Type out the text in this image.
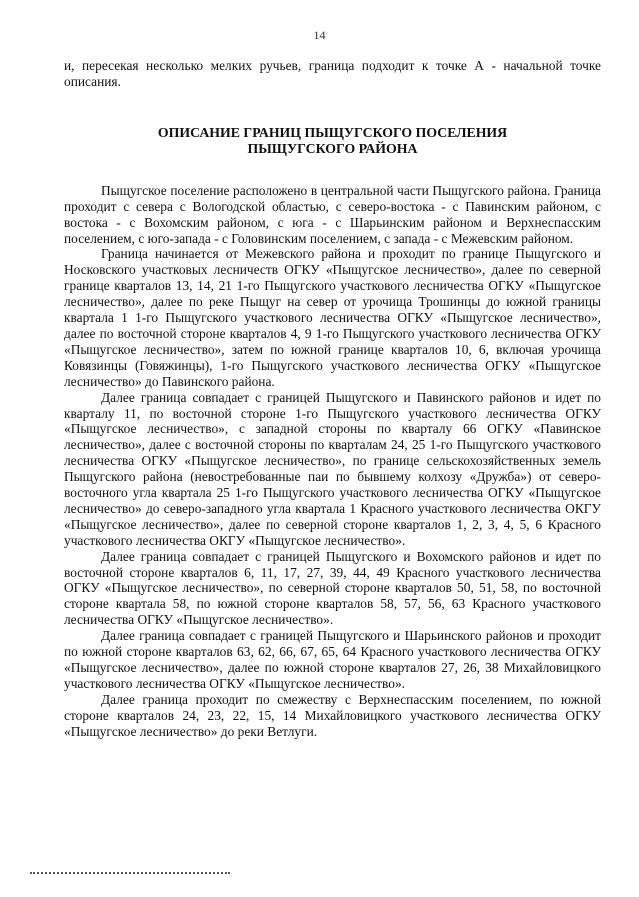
14

и, пересекая несколько мелких ручьев, граница подходит к точке А - начальной точке описания.

ОПИСАНИЕ ГРАНИЦ ПЫЩУГСКОГО ПОСЕЛЕНИЯ
ПЫЩУГСКОГО РАЙОНА

Пыщугское поселение расположено в центральной части Пыщугского района. Граница проходит с севера с Вологодской областью, с северо-востока - с Павинским районом, с востока - с Вохомским районом, с юга - с Шарьинским районом и Верхнеспасским поселением, с юго-запада - с Головинским поселением, с запада - с Межевским районом.

Граница начинается от Межевского района и проходит по границе Пыщугского и Носковского участковых лесничеств ОГКУ «Пыщугское лесничество», далее по северной границе кварталов 13, 14, 21 1-го Пыщугского участкового лесничества ОГКУ «Пыщугское лесничество», далее по реке Пыщуг на север от урочища Трошинцы до южной границы квартала 1 1-го Пыщугского участкового лесничества ОГКУ «Пыщугское лесничество», далее по восточной стороне кварталов 4, 9 1-го Пыщугского участкового лесничества ОГКУ «Пыщугское лесничество», затем по южной границе кварталов 10, 6, включая урочища Ковязинцы (Говяжинцы), 1-го Пыщугского участкового лесничества ОГКУ «Пыщугское лесничество» до Павинского района.

Далее граница совпадает с границей Пыщугского и Павинского районов и идет по кварталу 11, по восточной стороне 1-го Пыщугского участкового лесничества ОГКУ «Пыщугское лесничество», с западной стороны по кварталу 66 ОГКУ «Павинское лесничество», далее с восточной стороны по кварталам 24, 25 1-го Пыщугского участкового лесничества ОГКУ «Пыщугское лесничество», по границе сельскохозяйственных земель Пыщугского района (невостребованные паи по бывшему колхозу «Дружба») от северо-восточного угла квартала 25 1-го Пыщугского участкового лесничества ОГКУ «Пыщугское лесничество» до северо-западного угла квартала 1 Красного участкового лесничества ОКГУ «Пыщугское лесничество», далее по северной стороне кварталов 1, 2, 3, 4, 5, 6 Красного участкового лесничества ОКГУ «Пыщугское лесничество».

Далее граница совпадает с границей Пыщугского и Вохомского районов и идет по восточной стороне кварталов 6, 11, 17, 27, 39, 44, 49 Красного участкового лесничества ОГКУ «Пыщугское лесничество», по северной стороне кварталов 50, 51, 58, по восточной стороне квартала 58, по южной стороне кварталов 58, 57, 56, 63 Красного участкового лесничества ОГКУ «Пыщугское лесничество».

Далее граница совпадает с границей Пыщугского и Шарьинского районов и проходит по южной стороне кварталов 63, 62, 66, 67, 65, 64 Красного участкового лесничества ОГКУ «Пыщугское лесничество», далее по южной стороне кварталов 27, 26, 38 Михайловицкого участкового лесничества ОГКУ «Пыщугское лесничество».

Далее граница проходит по смежеству с Верхнеспасским поселением, по южной стороне кварталов 24, 23, 22, 15, 14 Михайловицкого участкового лесничества ОГКУ «Пыщугское лесничество» до реки Ветлуги.
